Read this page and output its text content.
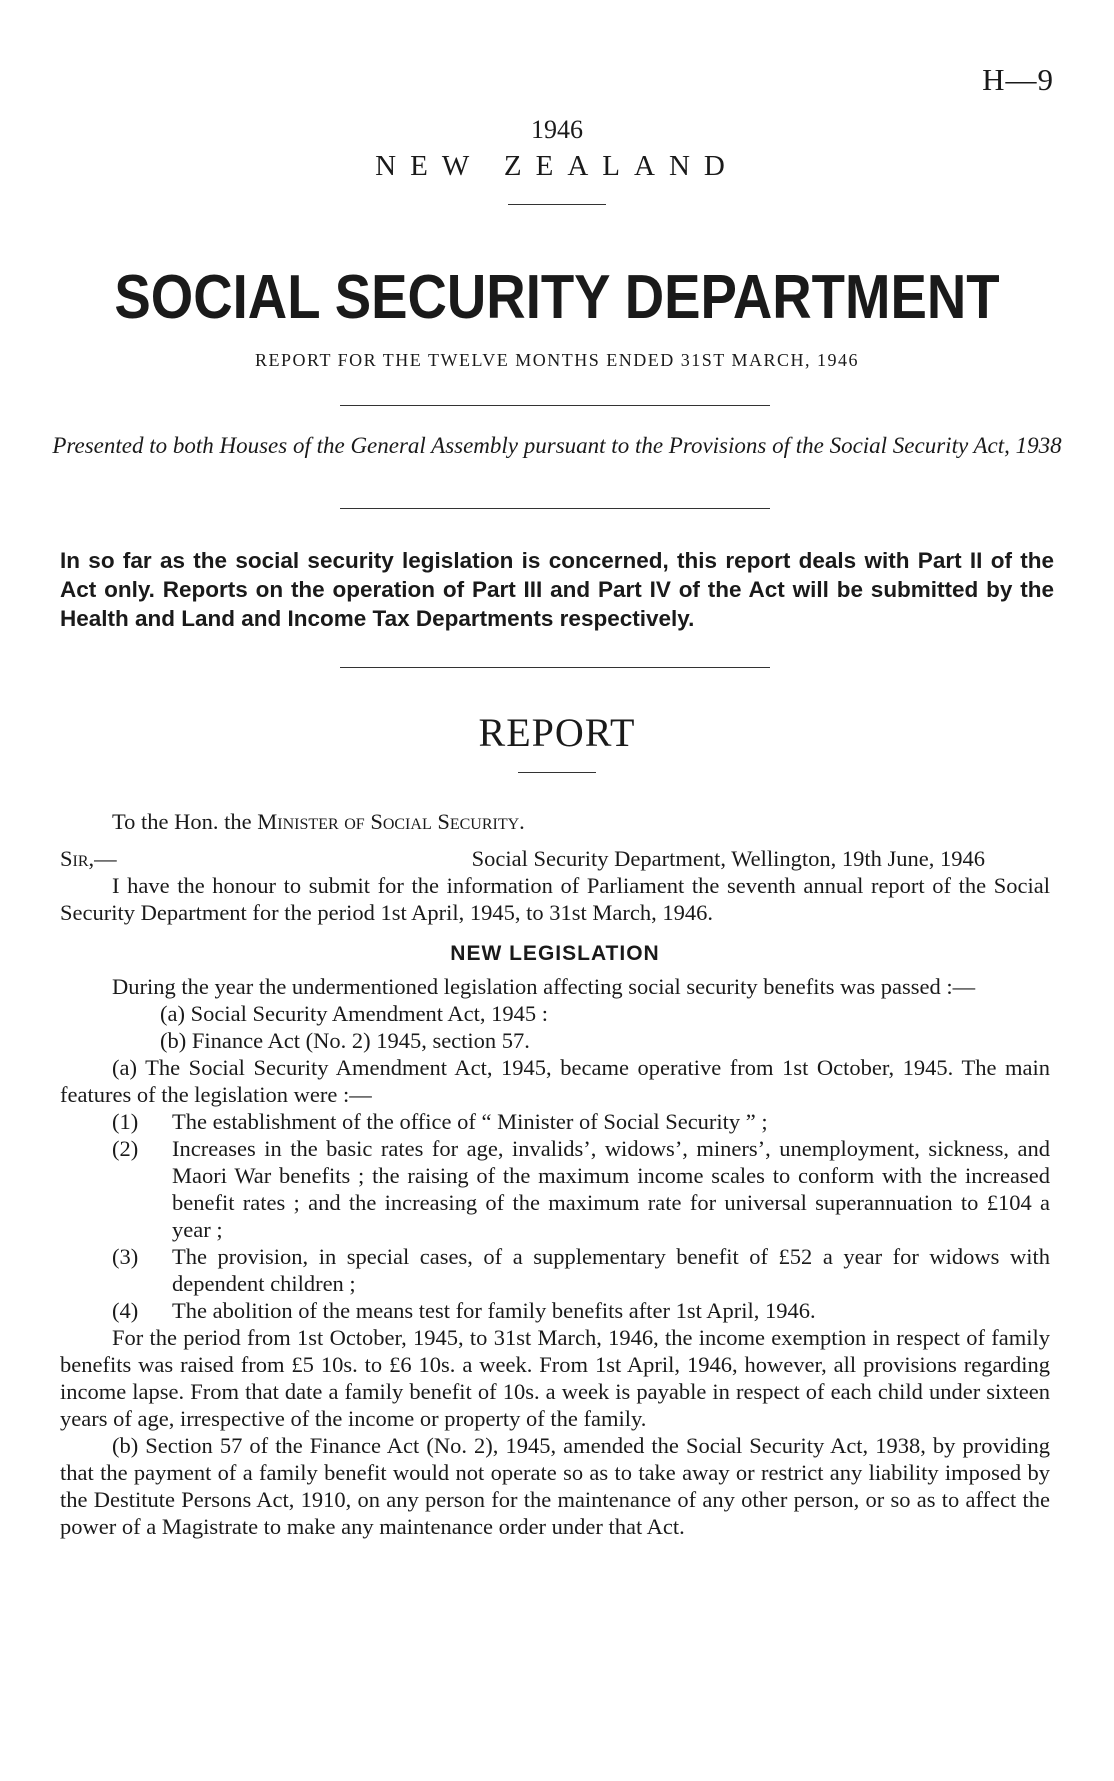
H—9
1946
NEW ZEALAND
SOCIAL SECURITY DEPARTMENT
REPORT FOR THE TWELVE MONTHS ENDED 31ST MARCH, 1946
Presented to both Houses of the General Assembly pursuant to the Provisions of the Social Security Act, 1938
In so far as the social security legislation is concerned, this report deals with Part II of the Act only. Reports on the operation of Part III and Part IV of the Act will be submitted by the Health and Land and Income Tax Departments respectively.
REPORT
To the Hon. the Minister of Social Security.
Sir,—	Social Security Department, Wellington, 19th June, 1946

I have the honour to submit for the information of Parliament the seventh annual report of the Social Security Department for the period 1st April, 1945, to 31st March, 1946.

NEW LEGISLATION

During the year the undermentioned legislation affecting social security benefits was passed :—

(a) Social Security Amendment Act, 1945 :

(b) Finance Act (No. 2) 1945, section 57.

(a) The Social Security Amendment Act, 1945, became operative from 1st October, 1945. The main features of the legislation were :—

(1) The establishment of the office of “ Minister of Social Security ” ;
(2) Increases in the basic rates for age, invalids’, widows’, miners’, unemployment, sickness, and Maori War benefits ; the raising of the maximum income scales to conform with the increased benefit rates ; and the increasing of the maximum rate for universal superannuation to £104 a year ;
(3) The provision, in special cases, of a supplementary benefit of £52 a year for widows with dependent children ;
(4) The abolition of the means test for family benefits after 1st April, 1946.

For the period from 1st October, 1945, to 31st March, 1946, the income exemption in respect of family benefits was raised from £5 10s. to £6 10s. a week. From 1st April, 1946, however, all provisions regarding income lapse. From that date a family benefit of 10s. a week is payable in respect of each child under sixteen years of age, irrespective of the income or property of the family.

(b) Section 57 of the Finance Act (No. 2), 1945, amended the Social Security Act, 1938, by providing that the payment of a family benefit would not operate so as to take away or restrict any liability imposed by the Destitute Persons Act, 1910, on any person for the maintenance of any other person, or so as to affect the power of a Magistrate to make any maintenance order under that Act.
